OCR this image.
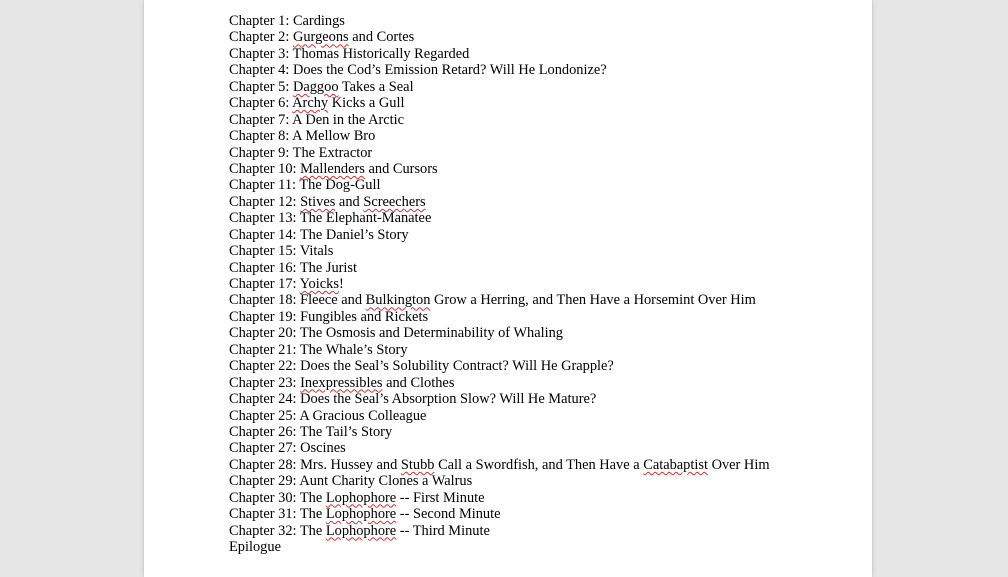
Chapter 1: Cardings
Chapter 2: Gurgeons and Cortes
Chapter 3: Thomas Historically Regarded
Chapter 4: Does the Cod’s Emission Retard? Will He Londonize?
Chapter 5: Daggoo Takes a Seal
Chapter 6: Archy Kicks a Gull
Chapter 7: A Den in the Arctic
Chapter 8: A Mellow Bro
Chapter 9: The Extractor
Chapter 10: Mallenders and Cursors
Chapter 11: The Dog-Gull
Chapter 12: Stives and Screechers
Chapter 13: The Elephant-Manatee
Chapter 14: The Daniel’s Story
Chapter 15: Vitals
Chapter 16: The Jurist
Chapter 17: Yoicks!
Chapter 18: Fleece and Bulkington Grow a Herring, and Then Have a Horsemint Over Him
Chapter 19: Fungibles and Rickets
Chapter 20: The Osmosis and Determinability of Whaling
Chapter 21: The Whale’s Story
Chapter 22: Does the Seal’s Solubility Contract? Will He Grapple?
Chapter 23: Inexpressibles and Clothes
Chapter 24: Does the Seal’s Absorption Slow? Will He Mature?
Chapter 25: A Gracious Colleague
Chapter 26: The Tail’s Story
Chapter 27: Oscines
Chapter 28: Mrs. Hussey and Stubb Call a Swordfish, and Then Have a Catabaptist Over Him
Chapter 29: Aunt Charity Clones a Walrus
Chapter 30: The Lophophore -- First Minute
Chapter 31: The Lophophore -- Second Minute
Chapter 32: The Lophophore -- Third Minute
Epilogue
